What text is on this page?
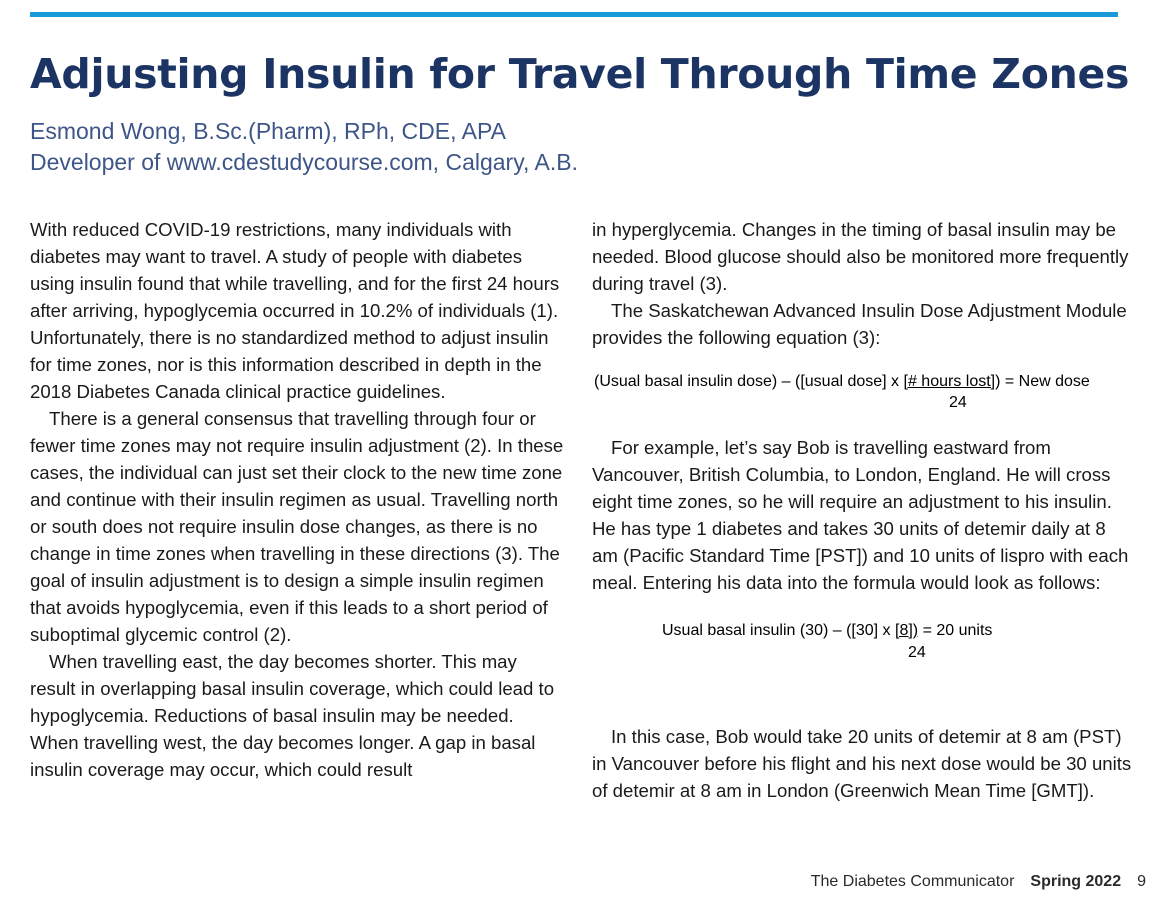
Adjusting Insulin for Travel Through Time Zones
Esmond Wong, B.Sc.(Pharm), RPh, CDE, APA
Developer of www.cdestudycourse.com, Calgary, A.B.

With reduced COVID-19 restrictions, many individuals with diabetes may want to travel. A study of people with diabetes using insulin found that while travelling, and for the first 24 hours after arriving, hypoglycemia occurred in 10.2% of individuals (1). Unfortunately, there is no standardized method to adjust insulin for time zones, nor is this information described in depth in the 2018 Diabetes Canada clinical practice guidelines.

There is a general consensus that travelling through four or fewer time zones may not require insulin adjustment (2). In these cases, the individual can just set their clock to the new time zone and continue with their insulin regimen as usual. Travelling north or south does not require insulin dose changes, as there is no change in time zones when travelling in these directions (3). The goal of insulin adjustment is to design a simple insulin regimen that avoids hypoglycemia, even if this leads to a short period of suboptimal glycemic control (2).

When travelling east, the day becomes shorter. This may result in overlapping basal insulin coverage, which could lead to hypoglycemia. Reductions of basal insulin may be needed. When travelling west, the day becomes longer. A gap in basal insulin coverage may occur, which could result

in hyperglycemia. Changes in the timing of basal insulin may be needed. Blood glucose should also be monitored more frequently during travel (3).

The Saskatchewan Advanced Insulin Dose Adjustment Module provides the following equation (3):

(Usual basal insulin dose) – ([usual dose] x [# hours lost]) = New dose
24

For example, let’s say Bob is travelling eastward from Vancouver, British Columbia, to London, England. He will cross eight time zones, so he will require an adjustment to his insulin. He has type 1 diabetes and takes 30 units of detemir daily at 8 am (Pacific Standard Time [PST]) and 10 units of lispro with each meal. Entering his data into the formula would look as follows:

Usual basal insulin (30) – ([30] x [8]) = 20 units
24

In this case, Bob would take 20 units of detemir at 8 am (PST) in Vancouver before his flight and his next dose would be 30 units of detemir at 8 am in London (Greenwich Mean Time [GMT]).

The Diabetes Communicator Spring 2022 9
